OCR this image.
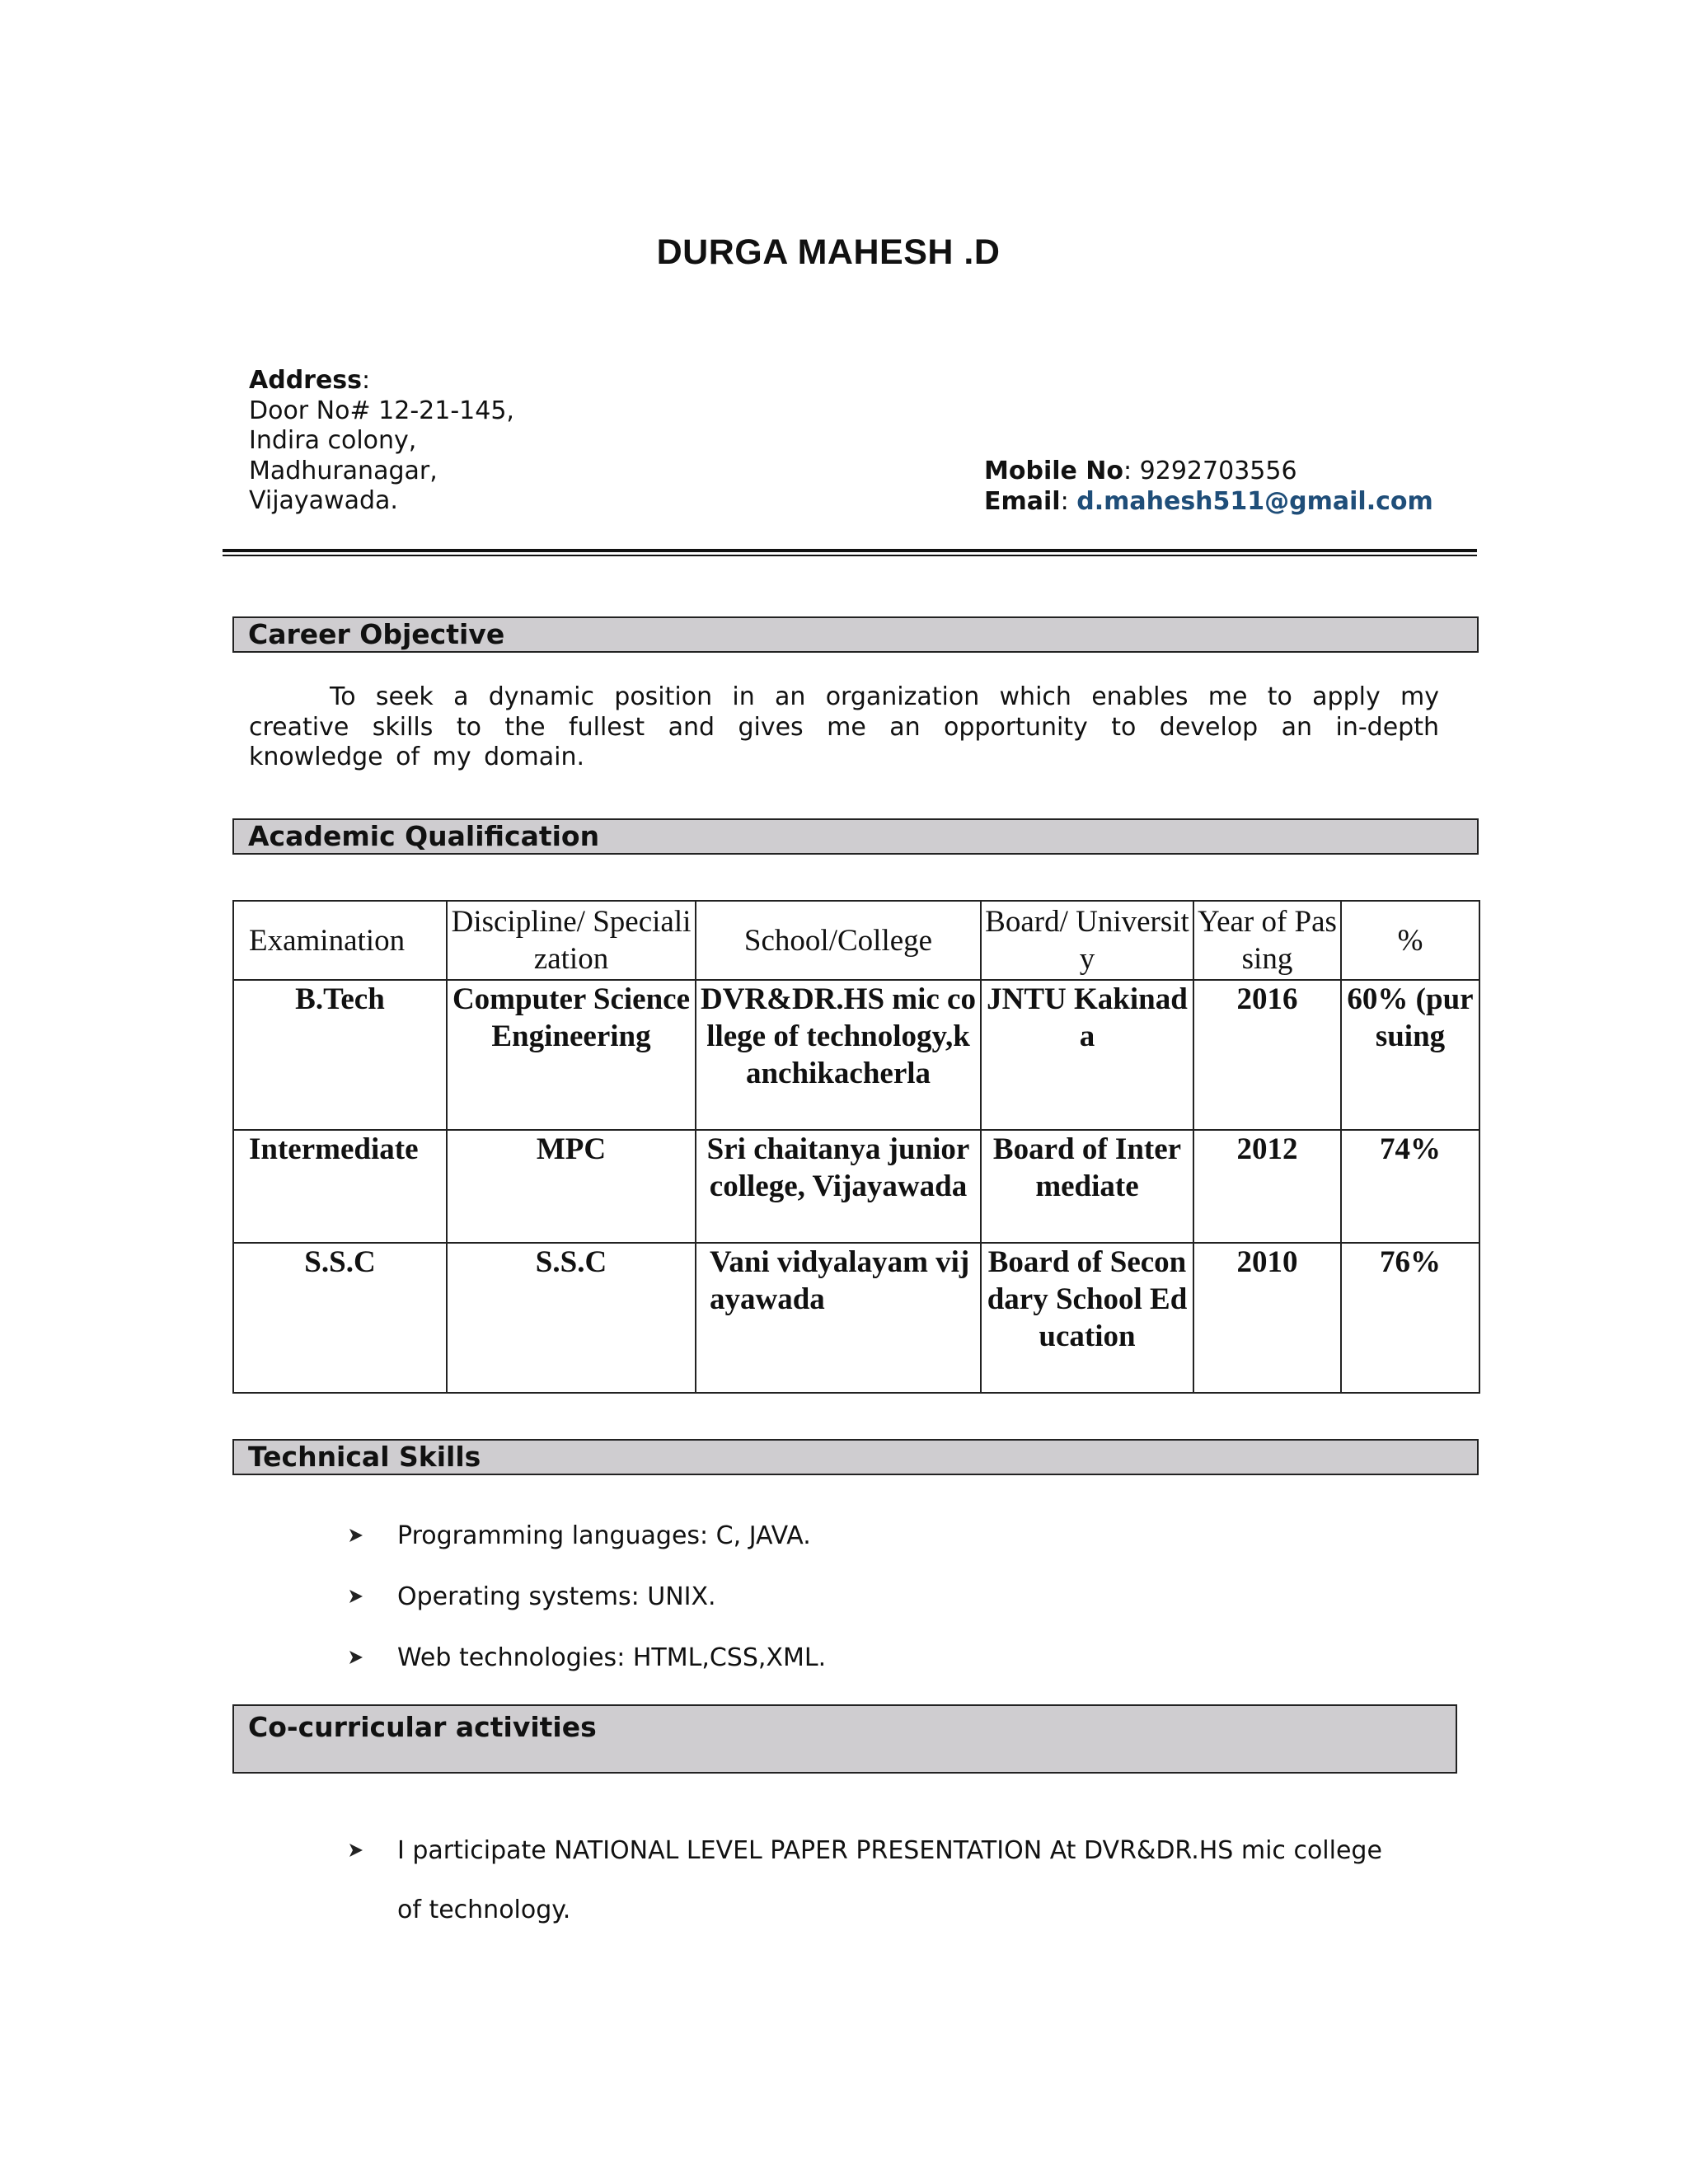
DURGA MAHESH .D
Address:
Door No# 12-21-145,
Indira colony,
Madhuranagar,
Vijayawada.
Mobile No: 9292703556
Email: d.mahesh511@gmail.com
Career Objective
To seek a dynamic position in an organization which enables me to apply my creative skills to the fullest and gives me an opportunity to develop an in-depth knowledge of my domain.
Academic Qualification
Examination	Discipline/ Specialization	School/College	Board/ University	Year of Passing	%
B.Tech	Computer Science Engineering	DVR&DR.HS mic college of technology,kanchikacherla	JNTU Kakinada	2016	60% (pursuing
Intermediate	MPC	Sri chaitanya junior college, Vijayawada	Board of Intermediate	2012	74%
S.S.C	S.S.C	Vani vidyalayam vijayawada	Board of Secondary School Education	2010	76%
Technical Skills
Programming languages: C, JAVA.
Operating systems: UNIX.
Web technologies: HTML,CSS,XML.
Co-curricular activities
I participate NATIONAL LEVEL PAPER PRESENTATION At DVR&DR.HS mic college
of technology.
